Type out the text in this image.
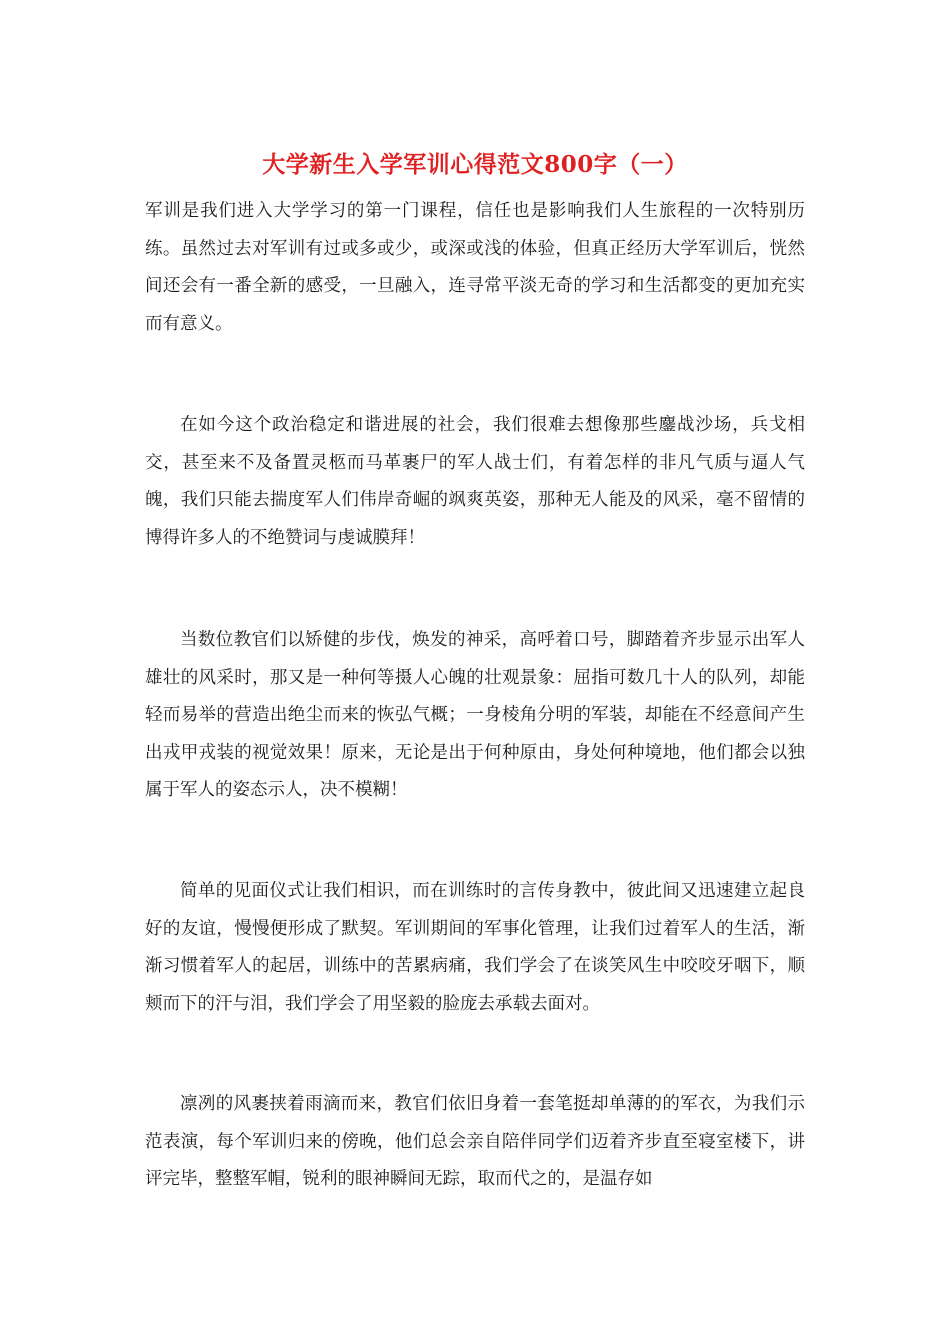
大学新生入学军训心得范文800字（一）

军训是我们进入大学学习的第一门课程，信任也是影响我们人生旅程的一次特别历练。虽然过去对军训有过或多或少，或深或浅的体验，但真正经历大学军训后，恍然间还会有一番全新的感受，一旦融入，连寻常平淡无奇的学习和生活都变的更加充实而有意义。

在如今这个政治稳定和谐进展的社会，我们很难去想像那些鏖战沙场，兵戈相交，甚至来不及备置灵柩而马革裹尸的军人战士们，有着怎样的非凡气质与逼人气魄，我们只能去揣度军人们伟岸奇崛的飒爽英姿，那种无人能及的风采，毫不留情的博得许多人的不绝赞词与虔诚膜拜！

当数位教官们以矫健的步伐，焕发的神采，高呼着口号，脚踏着齐步显示出军人雄壮的风采时，那又是一种何等摄人心魄的壮观景象：屈指可数几十人的队列，却能轻而易举的营造出绝尘而来的恢弘气概；一身棱角分明的军装，却能在不经意间产生出戎甲戎装的视觉效果！原来，无论是出于何种原由，身处何种境地，他们都会以独属于军人的姿态示人，决不模糊！

简单的见面仪式让我们相识，而在训练时的言传身教中，彼此间又迅速建立起良好的友谊，慢慢便形成了默契。军训期间的军事化管理，让我们过着军人的生活，渐渐习惯着军人的起居，训练中的苦累病痛，我们学会了在谈笑风生中咬咬牙咽下，顺颊而下的汗与泪，我们学会了用坚毅的脸庞去承载去面对。

凛冽的风裹挟着雨滴而来，教官们依旧身着一套笔挺却单薄的的军衣，为我们示范表演，每个军训归来的傍晚，他们总会亲自陪伴同学们迈着齐步直至寝室楼下，讲评完毕，整整军帽，锐利的眼神瞬间无踪，取而代之的，是温存如
